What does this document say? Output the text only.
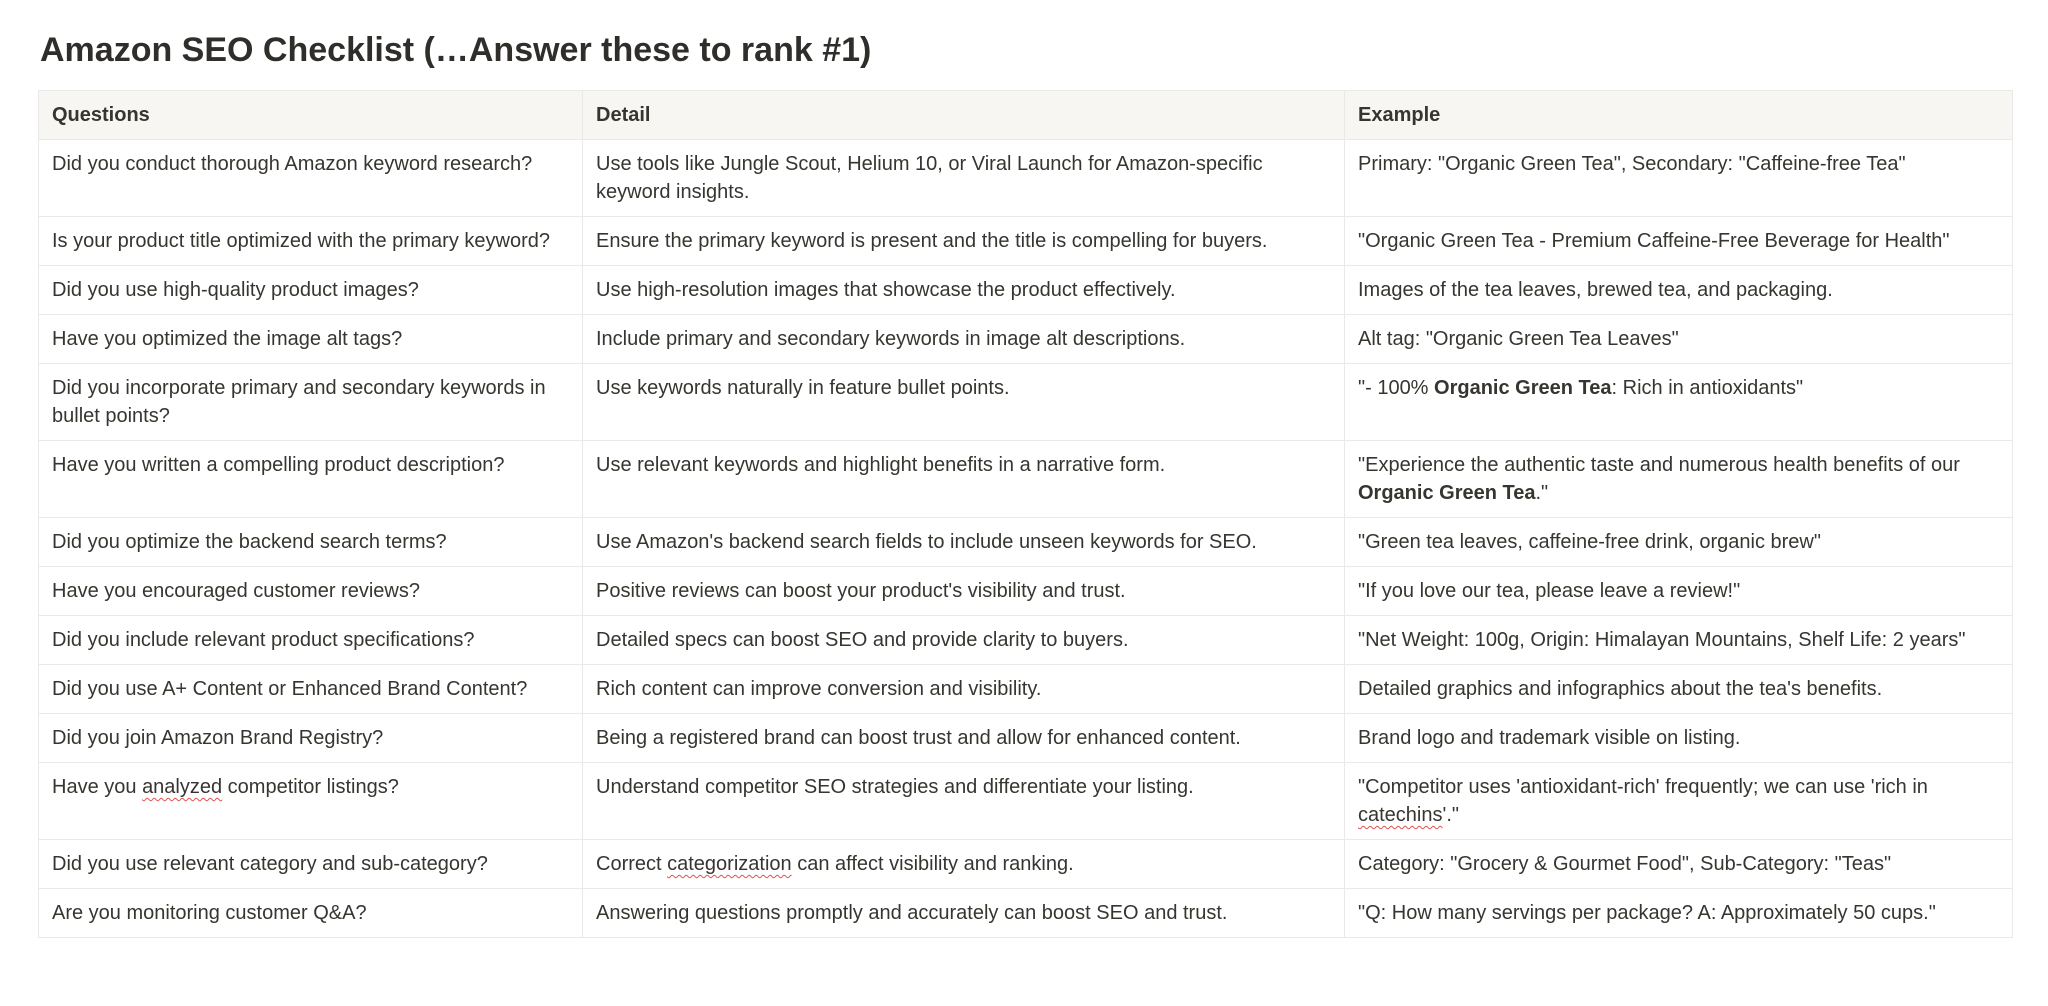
Amazon SEO Checklist (…Answer these to rank #1)
Questions	Detail	Example
Did you conduct thorough Amazon keyword research?	Use tools like Jungle Scout, Helium 10, or Viral Launch for Amazon-specific keyword insights.	Primary: "Organic Green Tea", Secondary: "Caffeine-free Tea"
Is your product title optimized with the primary keyword?	Ensure the primary keyword is present and the title is compelling for buyers.	"Organic Green Tea - Premium Caffeine-Free Beverage for Health"
Did you use high-quality product images?	Use high-resolution images that showcase the product effectively.	Images of the tea leaves, brewed tea, and packaging.
Have you optimized the image alt tags?	Include primary and secondary keywords in image alt descriptions.	Alt tag: "Organic Green Tea Leaves"
Did you incorporate primary and secondary keywords in bullet points?	Use keywords naturally in feature bullet points.	"- 100% Organic Green Tea: Rich in antioxidants"
Have you written a compelling product description?	Use relevant keywords and highlight benefits in a narrative form.	"Experience the authentic taste and numerous health benefits of our Organic Green Tea."
Did you optimize the backend search terms?	Use Amazon's backend search fields to include unseen keywords for SEO.	"Green tea leaves, caffeine-free drink, organic brew"
Have you encouraged customer reviews?	Positive reviews can boost your product's visibility and trust.	"If you love our tea, please leave a review!"
Did you include relevant product specifications?	Detailed specs can boost SEO and provide clarity to buyers.	"Net Weight: 100g, Origin: Himalayan Mountains, Shelf Life: 2 years"
Did you use A+ Content or Enhanced Brand Content?	Rich content can improve conversion and visibility.	Detailed graphics and infographics about the tea's benefits.
Did you join Amazon Brand Registry?	Being a registered brand can boost trust and allow for enhanced content.	Brand logo and trademark visible on listing.
Have you analyzed competitor listings?	Understand competitor SEO strategies and differentiate your listing.	"Competitor uses 'antioxidant-rich' frequently; we can use 'rich in catechins'."
Did you use relevant category and sub-category?	Correct categorization can affect visibility and ranking.	Category: "Grocery & Gourmet Food", Sub-Category: "Teas"
Are you monitoring customer Q&A?	Answering questions promptly and accurately can boost SEO and trust.	"Q: How many servings per package? A: Approximately 50 cups."
